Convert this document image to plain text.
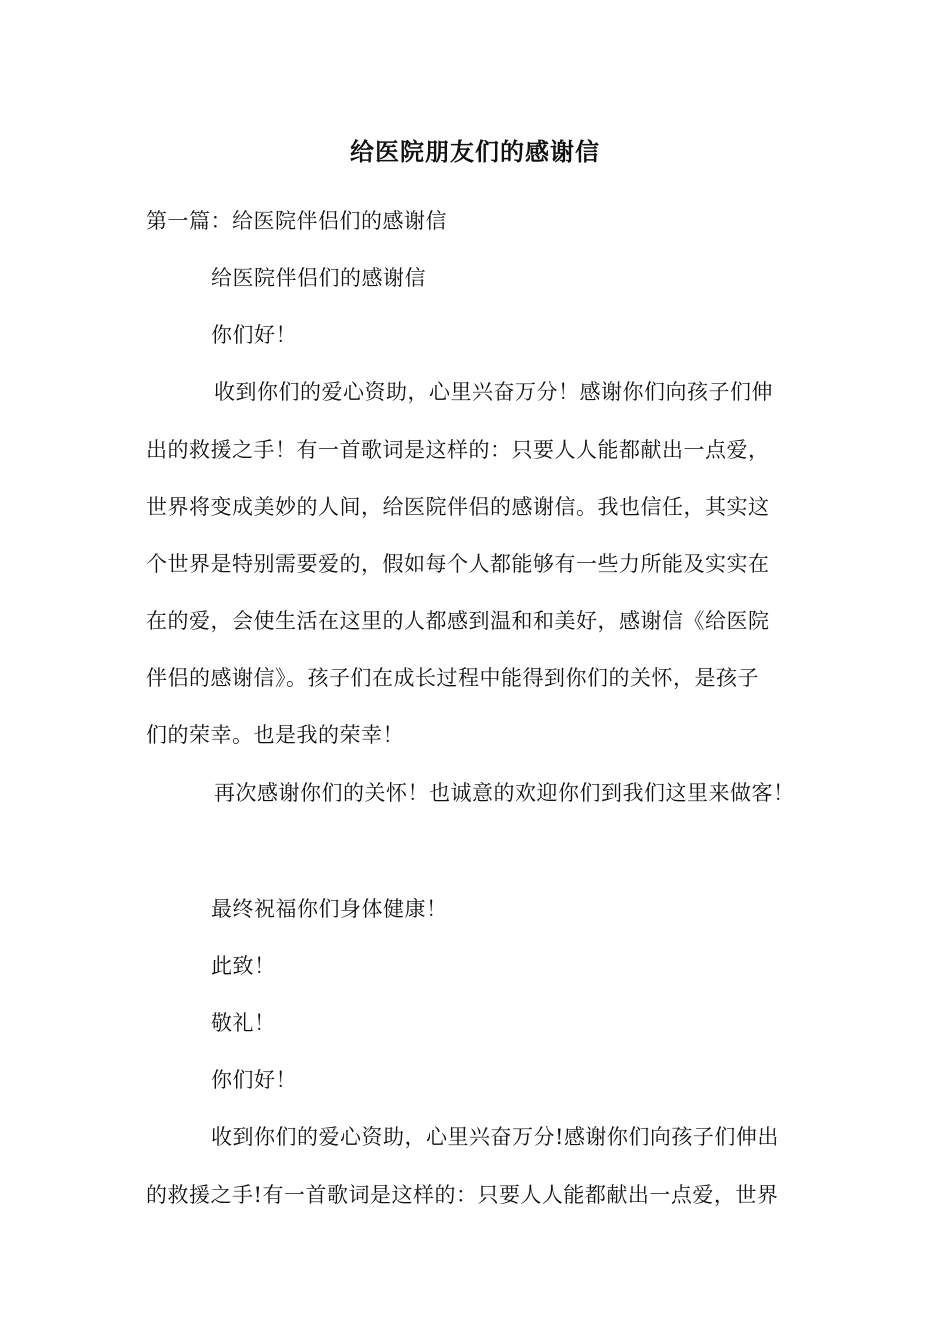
给医院朋友们的感谢信
第一篇：给医院伴侣们的感谢信
给医院伴侣们的感谢信
你们好！
收到你们的爱心资助，心里兴奋万分！感谢你们向孩子们伸
出的救援之手！有一首歌词是这样的：只要人人能都献出一点爱，
世界将变成美妙的人间，给医院伴侣的感谢信。我也信任，其实这
个世界是特别需要爱的，假如每个人都能够有一些力所能及实实在
在的爱，会使生活在这里的人都感到温和和美好，感谢信《给医院
伴侣的感谢信》。孩子们在成长过程中能得到你们的关怀，是孩子
们的荣幸。也是我的荣幸！
再次感谢你们的关怀！也诚意的欢迎你们到我们这里来做客！
最终祝福你们身体健康！
此致！
敬礼！
你们好！
收到你们的爱心资助，心里兴奋万分!感谢你们向孩子们伸出
的救援之手!有一首歌词是这样的：只要人人能都献出一点爱，世界
